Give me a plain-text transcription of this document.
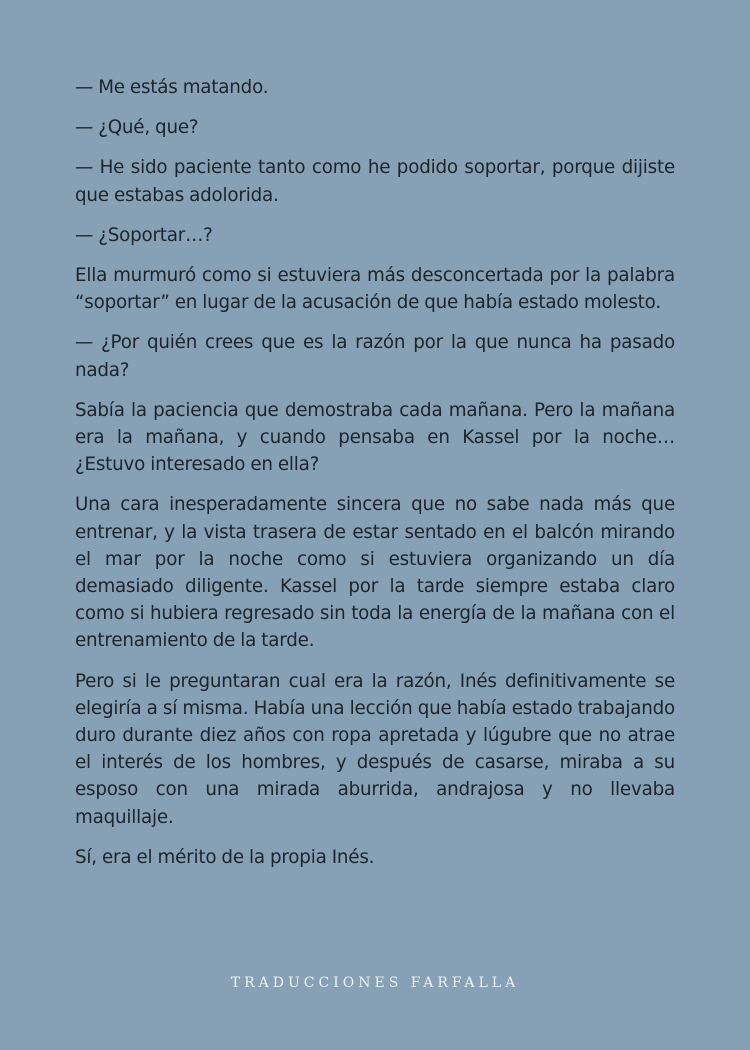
— Me estás matando.

— ¿Qué, que?

— He sido paciente tanto como he podido soportar, porque dijiste que estabas adolorida.

— ¿Soportar…?

Ella murmuró como si estuviera más desconcertada por la palabra “soportar” en lugar de la acusación de que había estado molesto.

— ¿Por quién crees que es la razón por la que nunca ha pasado nada?

Sabía la paciencia que demostraba cada mañana. Pero la mañana era la mañana, y cuando pensaba en Kassel por la noche… ¿Estuvo interesado en ella?

Una cara inesperadamente sincera que no sabe nada más que entrenar, y la vista trasera de estar sentado en el balcón mirando el mar por la noche como si estuviera organizando un día demasiado diligente. Kassel por la tarde siempre estaba claro como si hubiera regresado sin toda la energía de la mañana con el entrenamiento de la tarde.

Pero si le preguntaran cual era la razón, Inés definitivamente se elegiría a sí misma. Había una lección que había estado trabajando duro durante diez años con ropa apretada y lúgubre que no atrae el interés de los hombres, y después de casarse, miraba a su esposo con una mirada aburrida, andrajosa y no llevaba maquillaje.

Sí, era el mérito de la propia Inés.

TRADUCCIONES FARFALLA
